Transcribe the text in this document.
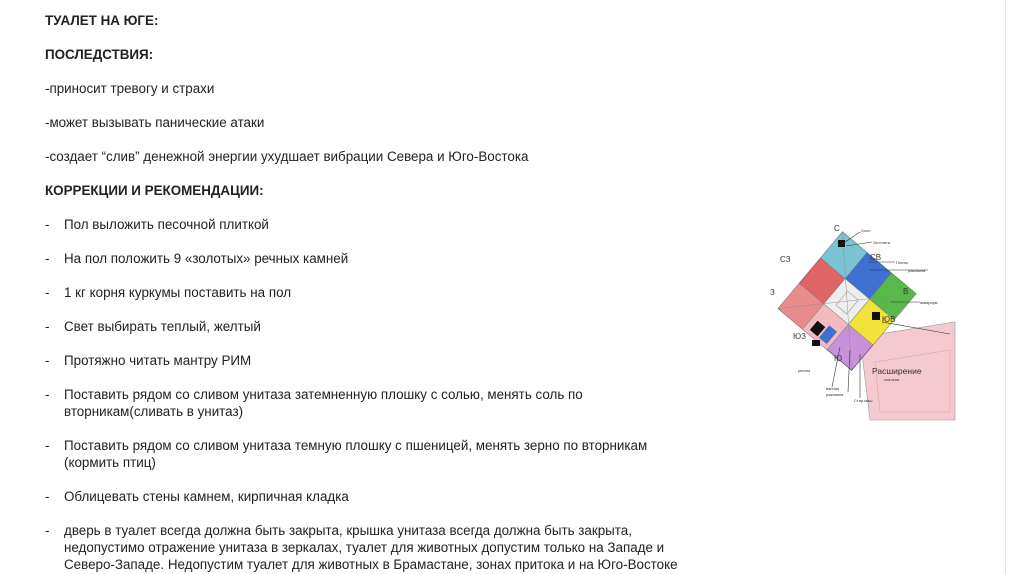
ТУАЛЕТ НА ЮГЕ:

ПОСЛЕДСТВИЯ:

-приносит тревогу и страхи

-может вызывать панические атаки

-создает “слив” денежной энергии ухудшает вибрации Севера и Юго-Востока

КОРРЕКЦИИ И РЕКОМЕНДАЦИИ:

-	Пол выложить песочной плиткой
-	На пол положить 9 «золотых» речных камней
-	1 кг корня куркумы поставить на пол
-	Свет выбирать теплый, желтый
-	Протяжно читать мантру РИМ
-	Поставить рядом со сливом унитаза затемненную плошку с солью, менять соль по
вторникам(сливать в унитаз)
-	Поставить рядом со сливом унитаза темную плошку с пшеницей, менять зерно по вторникам
(кормить птиц)
-	Облицевать стены камнем, кирпичная кладка
-	дверь в туалет всегда должна быть закрыта, крышка унитаза всегда должна быть закрыта,
недопустимо отражение унитаза в зеркалах, туалет для животных допустим только на Западе и
Северо-Западе. Недопустим туалет для животных в Брамастане, зонах притока и на Юго-Востоке
С
СЗ	СВ
З	В
ЮЗ
ЮВ
Ю
Холл
Эл.плита
Плиты
раковина
аквариум
унитаз
ванная
раковина
Стир.маш
Расширение
спальня
